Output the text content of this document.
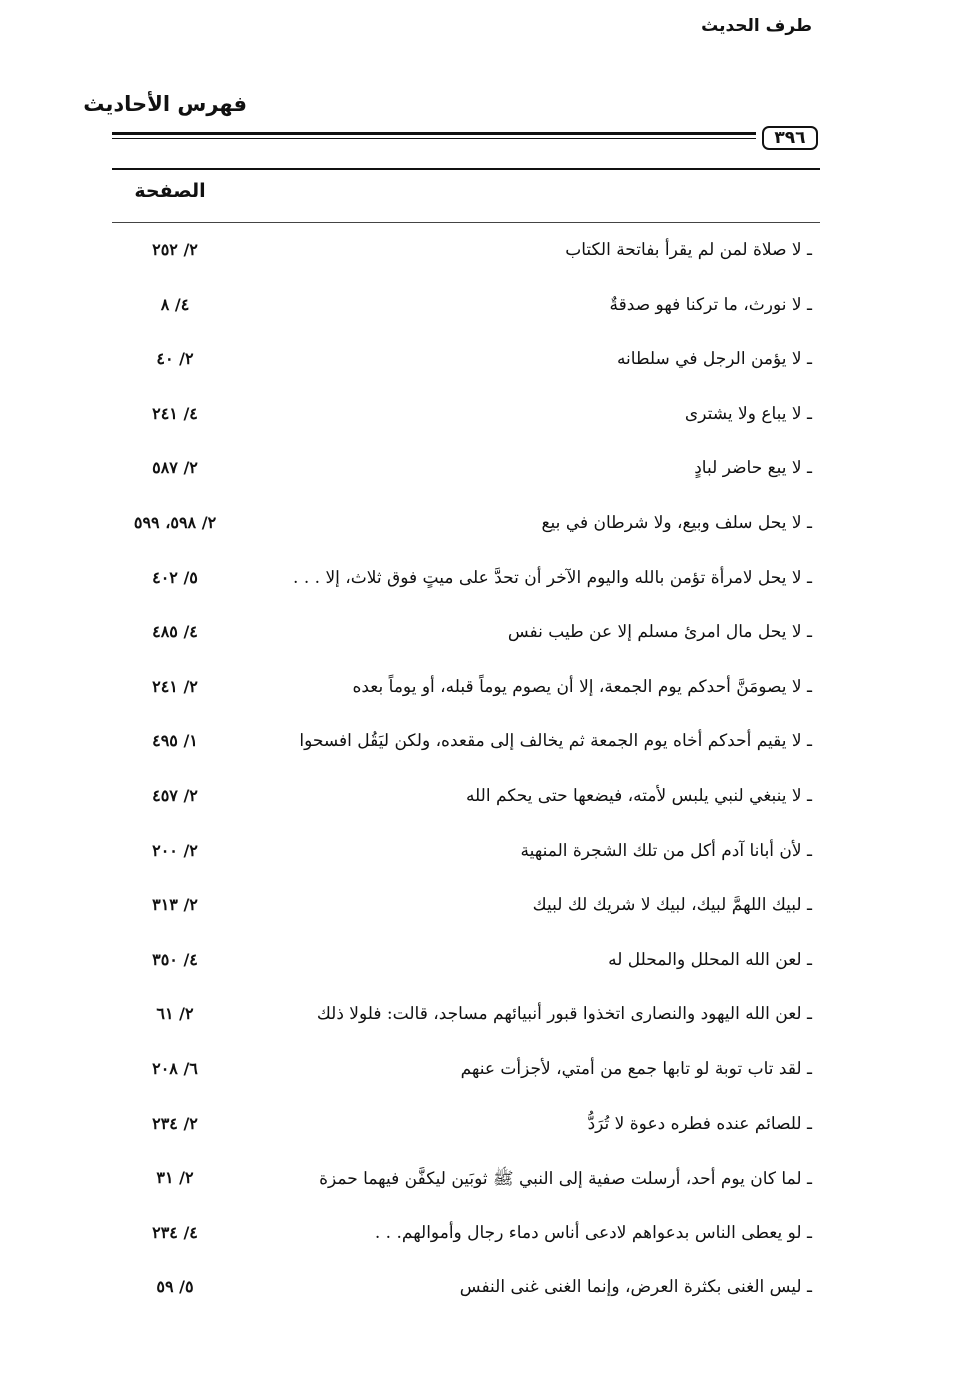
فهرس الأحاديث
٣٩٦
طرف الحديث
الصفحة
ـ لا صلاة لمن لم يقرأ بفاتحة الكتاب
٢/ ٢٥٢
ـ لا نورث، ما تركنا فهو صدقةٌ
٤/ ٨
ـ لا يؤمن الرجل في سلطانه
٢/ ٤٠
ـ لا يباع ولا يشترى
٤/ ٢٤١
ـ لا يبع حاضر لبادٍ
٢/ ٥٨٧
ـ لا يحل سلف وبيع، ولا شرطان في بيع
٢/ ٥٩٨، ٥٩٩
ـ لا يحل لامرأة تؤمن بالله واليوم الآخر أن تحدَّ على ميتٍ فوق ثلاث، إلا . . .
٥/ ٤٠٢
ـ لا يحل مال امرئ مسلم إلا عن طيب نفس
٤/ ٤٨٥
ـ لا يصومَنَّ أحدكم يوم الجمعة، إلا أن يصوم يوماً قبله، أو يوماً بعده
٢/ ٢٤١
ـ لا يقيم أحدكم أخاه يوم الجمعة ثم يخالف إلى مقعده، ولكن ليَقُل افسحوا
١/ ٤٩٥
ـ لا ينبغي لنبي يلبس لأمته، فيضعها حتى يحكم الله
٢/ ٤٥٧
ـ لأن أبانا آدم أكل من تلك الشجرة المنهية
٢/ ٢٠٠
ـ لبيك اللهمَّ لبيك، لبيك لا شريك لك لبيك
٢/ ٣١٣
ـ لعن الله المحلل والمحلل له
٤/ ٣٥٠
ـ لعن الله اليهود والنصارى اتخذوا قبور أنبيائهم مساجد، قالت: فلولا ذلك
٢/ ٦١
ـ لقد تاب توبة لو تابها جمع من أمتي، لأجزأت عنهم
٦/ ٢٠٨
ـ للصائم عنده فطره دعوة لا تُرَدُّ
٢/ ٢٣٤
ـ لما كان يوم أحد، أرسلت صفية إلى النبي ﷺ ثوبَين ليكفَّن فيهما حمزة
٢/ ٣١
ـ لو يعطى الناس بدعواهم لادعى أناس دماء رجال وأموالهم. . .
٤/ ٢٣٤
ـ ليس الغنى بكثرة العرض، وإنما الغنى غنى النفس
٥/ ٥٩
